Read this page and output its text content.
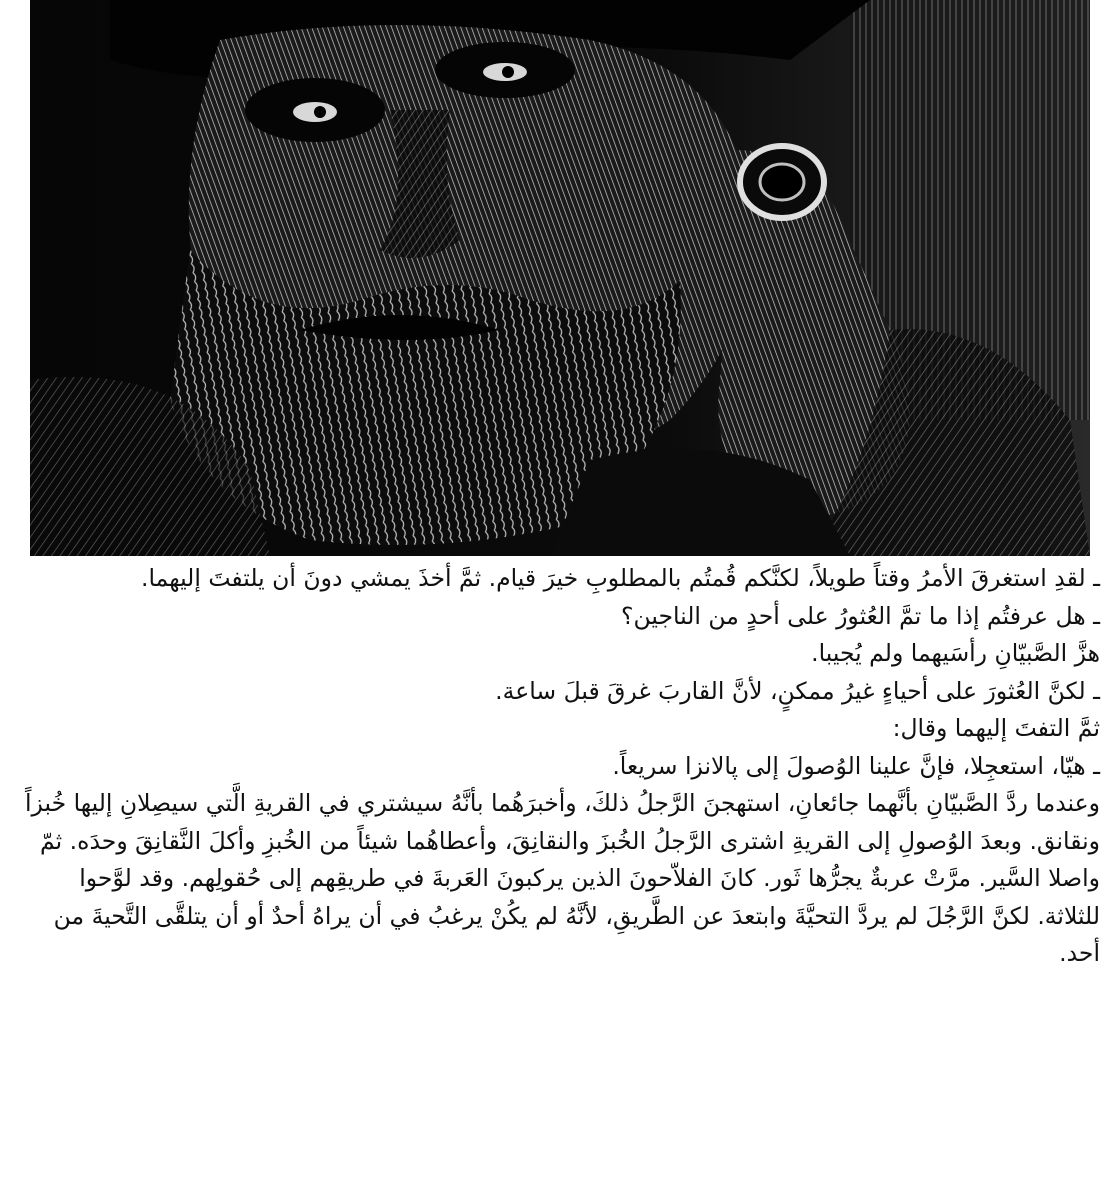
ـ لقدِ استغرقَ الأمرُ وقتاً طويلاً، لكنَّكم قُمتُم بالمطلوبِ خيرَ قيام. ثمَّ أخذَ يمشي دونَ أن يلتفتَ إليهما.

ـ هل عرفتُم إذا ما تمَّ العُثورُ على أحدٍ من الناجين؟

هزَّ الصَّبيّانِ رأسَيهما ولم يُجيبا.

ـ لكنَّ العُثورَ على أحياءٍ غيرُ ممكنٍ، لأنَّ القاربَ غرقَ قبلَ ساعة.

ثمَّ التفتَ إليهما وقال:

ـ هيّا، استعجِلا، فإنَّ علينا الوُصولَ إلى پالانزا سريعاً.

وعندما ردَّ الصَّبيّانِ بأنَّهما جائعانِ، استهجنَ الرَّجلُ ذلكَ، وأخبرَهُما بأنَّهُ سيشتري في القريةِ الَّتي سيصِلانِ إليها خُبزاً ونقانق. وبعدَ الوُصولِ إلى القريةِ اشترى الرَّجلُ الخُبزَ والنقانِقَ، وأعطاهُما شيئاً من الخُبزِ وأكلَ النَّقانِقَ وحدَه. ثمّ واصلا السَّير. مرَّتْ عربةٌ يجرُّها ثَور. كانَ الفلاّحونَ الذين يركبونَ العَربةَ في طريقِهم إلى حُقولِهم. وقد لوَّحوا للثلاثة. لكنَّ الرَّجُلَ لم يردَّ التحيَّةَ وابتعدَ عن الطَّريقِ، لأنَّهُ لم يكُنْ يرغبُ في أن يراهُ أحدٌ أو أن يتلقَّى التَّحيةَ من أحد.
